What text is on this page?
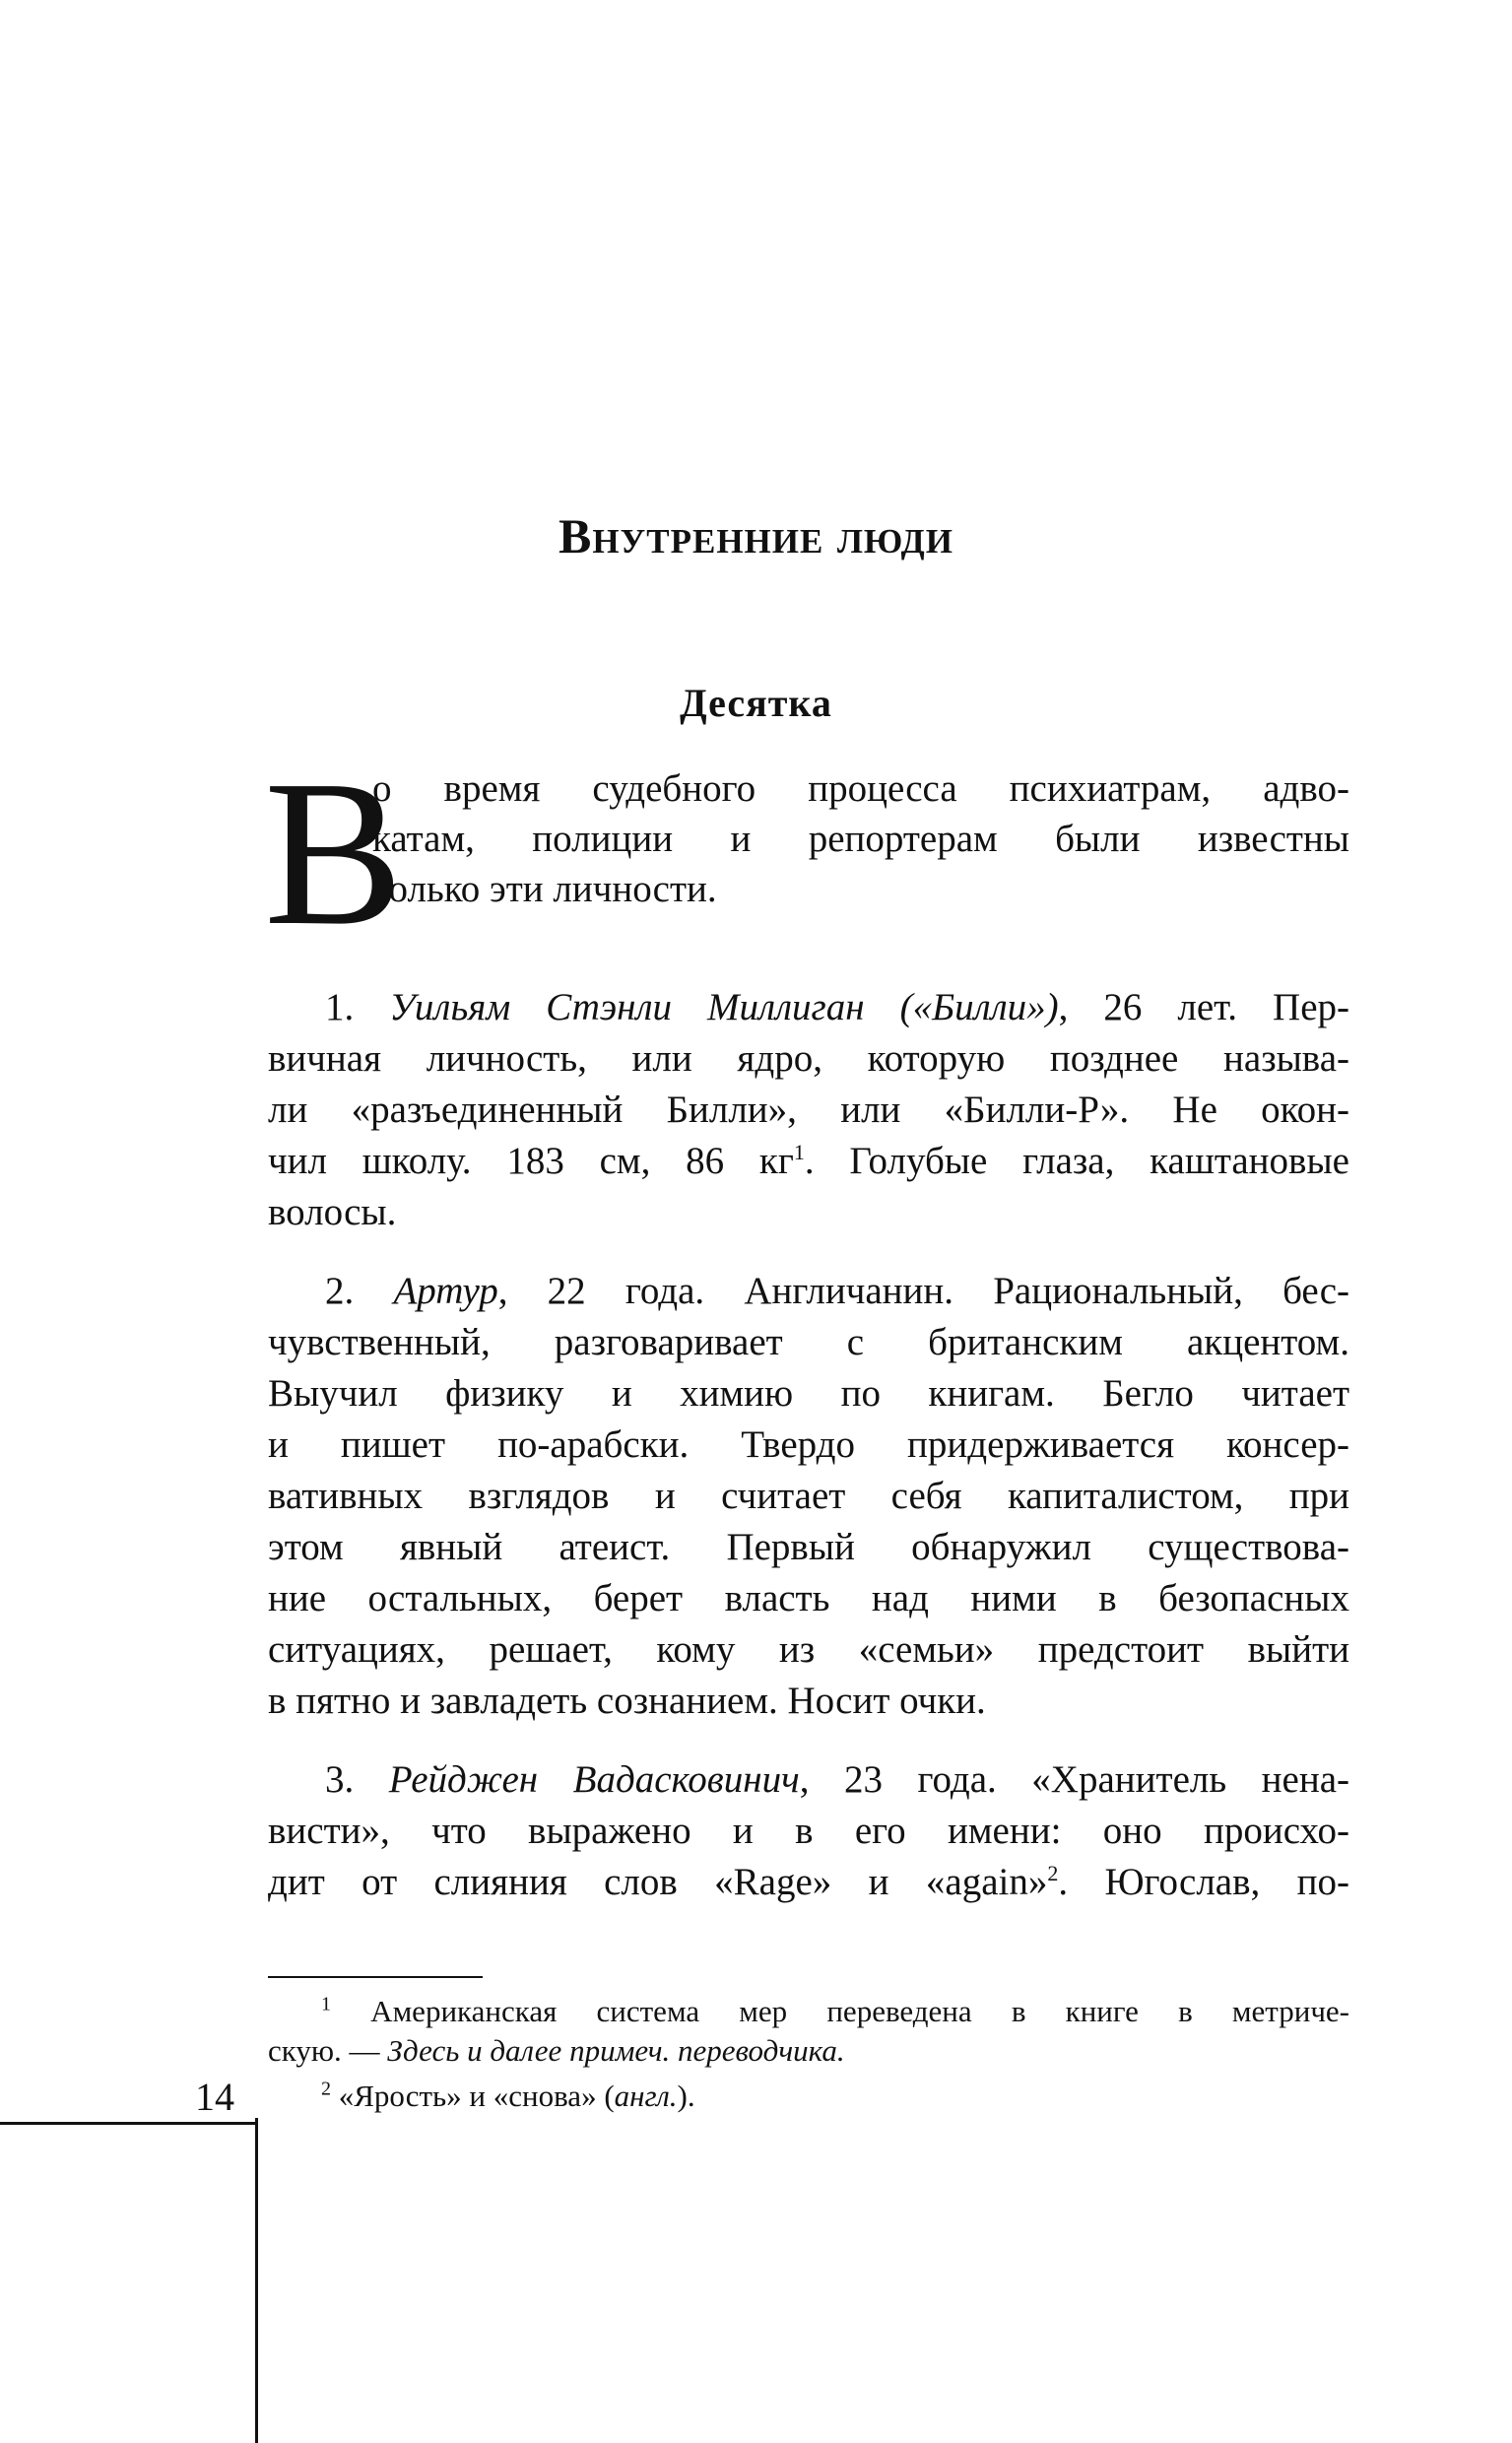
Внутренние люди
Десятка
В
о время судебного процесса психиатрам, адво-
катам, полиции и репортерам были известны
только эти личности.
1. Уильям Стэнли Миллиган («Билли»), 26 лет. Пер-
вичная личность, или ядро, которую позднее называ-
ли «разъединенный Билли», или «Билли-Р». Не окон-
чил школу. 183 см, 86 $кг^1$. Голубые глаза, каштановые
волосы.
2. Артур, 22 года. Англичанин. Рациональный, бес-
чувственный, разговаривает с британским акцентом.
Выучил физику и химию по книгам. Бегло читает
и пишет по-арабски. Твердо придерживается консер-
вативных взглядов и считает себя капиталистом, при
этом явный атеист. Первый обнаружил существова-
ние остальных, берет власть над ними в безопасных
ситуациях, решает, кому из «семьи» предстоит выйти
в пятно и завладеть сознанием. Носит очки.
3. Рейджен Вадасковинич, 23 года. «Хранитель нена-
висти», что выражено и в его имени: оно происхо-
дит от слияния слов «Rage» и «again»$^2$. Югослав, по-
$^1$ Американская система мер переведена в книге в метриче-
скую. — Здесь и далее примеч. переводчика.
$^2$ «Ярость» и «снова» (англ.).
14
